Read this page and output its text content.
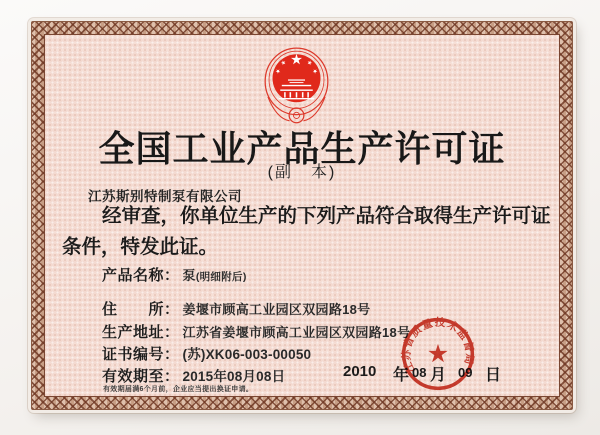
全国工业产品生产许可证
(副　本)
江苏斯别特制泵有限公司
经审查，你单位生产的下列产品符合取得生产许可证
条件，特发此证。
产品名称： 泵(明细附后)
住　　所： 姜堰市顾高工业园区双园路18号
生产地址： 江苏省姜堰市顾高工业园区双园路18号
证书编号： (苏)XK06-003-00050
有效期至： 2015年08月08日
有效期届满6个月前，企业应当提出换证申请。
2010 年 08 月 09 日
江苏省质量技术监督局
